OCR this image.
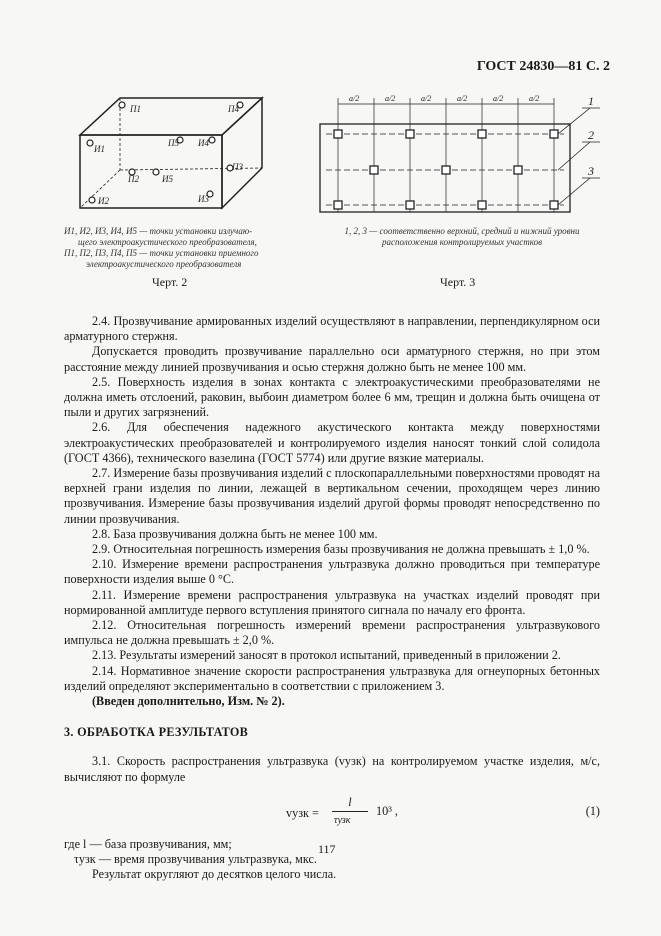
ГОСТ 24830—81 С. 2
П1	П4
И1
П5 И4
П2	И5
П3
И2	И3
И1, И2, И3, И4, И5 — точки установки излучаю-
щего электроакустического преобразователя,
П1, П2, П3, П4, П5 — точки установки приемного
электроакустического преобразователя
Черт. 2
a/2	a/2	a/2	a/2	a/2	a/2	1
2
3
1, 2, 3 — соответственно верхний, средний и нижний уровни
расположения контролируемых участков
Черт. 3

2.4. Прозвучивание армированных изделий осуществляют в направлении, перпендикулярном оси арматурного стержня.

Допускается проводить прозвучивание параллельно оси арматурного стержня, но при этом расстояние между линией прозвучивания и осью стержня должно быть не менее 100 мм.

2.5. Поверхность изделия в зонах контакта с электроакустическими преобразователями не должна иметь отслоений, раковин, выбоин диаметром более 6 мм, трещин и должна быть очищена от пыли и других загрязнений.

2.6. Для обеспечения надежного акустического контакта между поверхностями электроакустических преобразователей и контролируемого изделия наносят тонкий слой солидола (ГОСТ 4366), технического вазелина (ГОСТ 5774) или другие вязкие материалы.

2.7. Измерение базы прозвучивания изделий с плоскопараллельными поверхностями проводят на верхней грани изделия по линии, лежащей в вертикальном сечении, проходящем через линию прозвучивания. Измерение базы прозвучивания изделий другой формы проводят непосредственно по линии прозвучивания.

2.8. База прозвучивания должна быть не менее 100 мм.

2.9. Относительная погрешность измерения базы прозвучивания не должна превышать ± 1,0 %.

2.10. Измерение времени распространения ультразвука должно проводиться при температуре поверхности изделия выше 0 °С.

2.11. Измерение времени распространения ультразвука на участках изделий проводят при нормированной амплитуде первого вступления принятого сигнала по началу его фронта.

2.12. Относительная погрешность измерений времени распространения ультразвукового импульса не должна превышать ± 2,0 %.

2.13. Результаты измерений заносят в протокол испытаний, приведенный в приложении 2.

2.14. Нормативное значение скорости распространения ультразвука для огнеупорных бетонных изделий определяют экспериментально в соответствии с приложением 3.

(Введен дополнительно, Изм. № 2).

3. ОБРАБОТКА РЕЗУЛЬТАТОВ

3.1. Скорость распространения ультразвука (vузк) на контролируемом участке изделия, м/с, вычисляют по формуле

vузк =
l
τузк
10³ ,	(1)

где l — база прозвучивания, мм;

τузк — время прозвучивания ультразвука, мкс.

Результат округляют до десятков целого числа.

117
